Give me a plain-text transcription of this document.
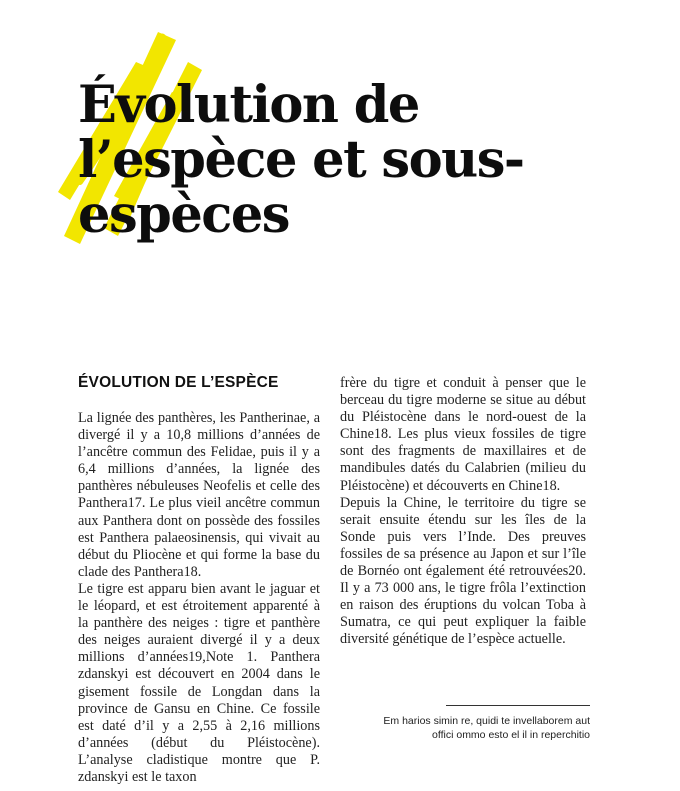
Évolution de
l’espèce et sous-
espèces
ÉVOLUTION DE L’ESPÈCE

La lignée des panthères, les Pantherinae, a divergé il y a 10,8 millions d’années de l’ancêtre commun des Felidae, puis il y a 6,4 millions d’années, la lignée des panthères nébuleuses Neofelis et celle des Panthera17. Le plus vieil ancêtre commun aux Panthera dont on possède des fossiles est Panthera palaeosinensis, qui vivait au début du Pliocène et qui forme la base du clade des Panthera18.

Le tigre est apparu bien avant le jaguar et le léopard, et est étroitement apparenté à la panthère des neiges : tigre et panthère des neiges auraient divergé il y a deux millions d’années19,Note 1. Panthera zdanskyi est découvert en 2004 dans le gisement fossile de Longdan dans la province de Gansu en Chine. Ce fossile est daté d’il y a 2,55 à 2,16 millions d’années (début du Pléistocène). L’analyse cladistique montre que P. zdanskyi est le taxon

frère du tigre et conduit à penser que le berceau du tigre moderne se situe au début du Pléistocène dans le nord-ouest de la Chine18. Les plus vieux fossiles de tigre sont des fragments de maxillaires et de mandibules datés du Calabrien (milieu du Pléistocène) et découverts en Chine18.

Depuis la Chine, le territoire du tigre se serait ensuite étendu sur les îles de la Sonde puis vers l’Inde. Des preuves fossiles de sa présence au Japon et sur l’île de Bornéo ont également été retrouvées20. Il y a 73 000 ans, le tigre frôla l’extinction en raison des éruptions du volcan Toba à Sumatra, ce qui peut expliquer la faible diversité génétique de l’espèce actuelle.

Em harios simin re, quidi te invellaborem aut
offici ommo esto el il in reperchitio
